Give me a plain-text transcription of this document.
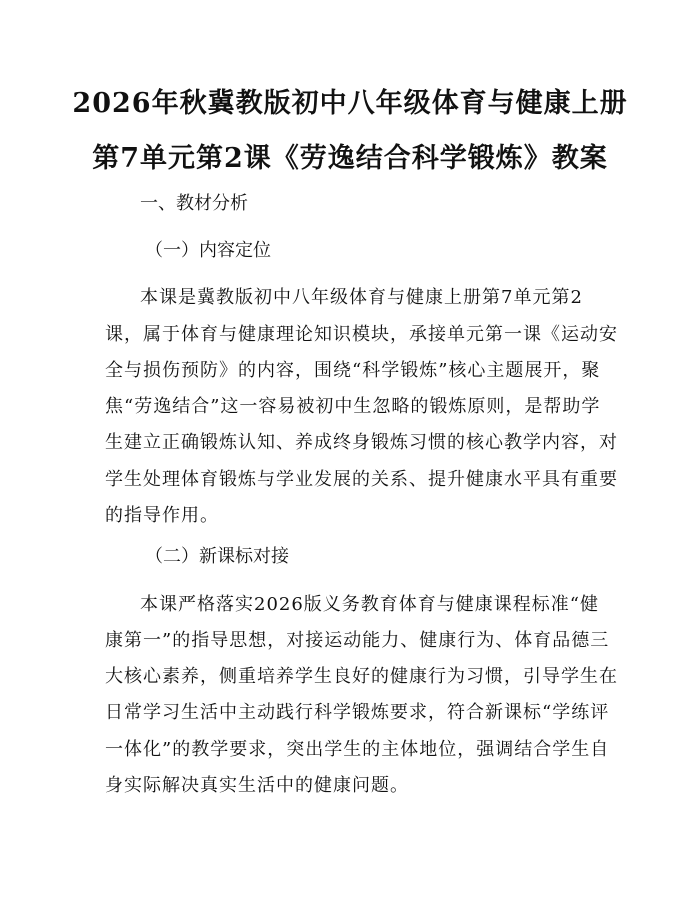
2026年秋冀教版初中八年级体育与健康上册
第7单元第2课《劳逸结合科学锻炼》教案
一、教材分析
（一）内容定位
本课是冀教版初中八年级体育与健康上册第7单元第2
课，属于体育与健康理论知识模块，承接单元第一课《运动安
全与损伤预防》的内容，围绕“科学锻炼”核心主题展开，聚
焦“劳逸结合”这一容易被初中生忽略的锻炼原则，是帮助学
生建立正确锻炼认知、养成终身锻炼习惯的核心教学内容，对
学生处理体育锻炼与学业发展的关系、提升健康水平具有重要
的指导作用。
（二）新课标对接
本课严格落实2026版义务教育体育与健康课程标准“健
康第一”的指导思想，对接运动能力、健康行为、体育品德三
大核心素养，侧重培养学生良好的健康行为习惯，引导学生在
日常学习生活中主动践行科学锻炼要求，符合新课标“学练评
一体化”的教学要求，突出学生的主体地位，强调结合学生自
身实际解决真实生活中的健康问题。
